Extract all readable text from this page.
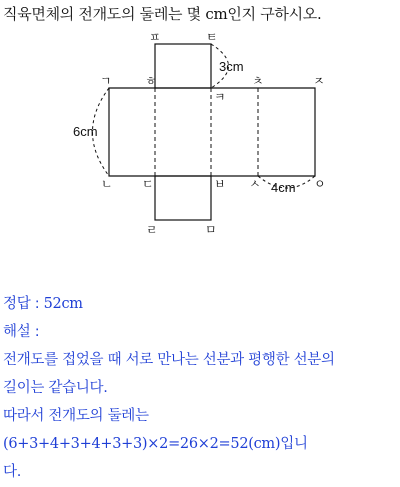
직육면체의 전개도의 둘레는 몇 cm인지 구하시오.
3cm
6cm
4cm
ㅍ	ㅌ
ㄱ	ㅎ
ㅋ
ㅊ	ㅈ
ㄴ ㄷ	ㅂ ㅅ	ㅇ
ㄹ	ㅁ
정답 : 52cm
해설 :
전개도를 접었을 때 서로 만나는 선분과 평행한 선분의
길이는 같습니다.
따라서 전개도의 둘레는
(6+3+4+3+4+3+3)×2=26×2=52(cm)입니
다.
